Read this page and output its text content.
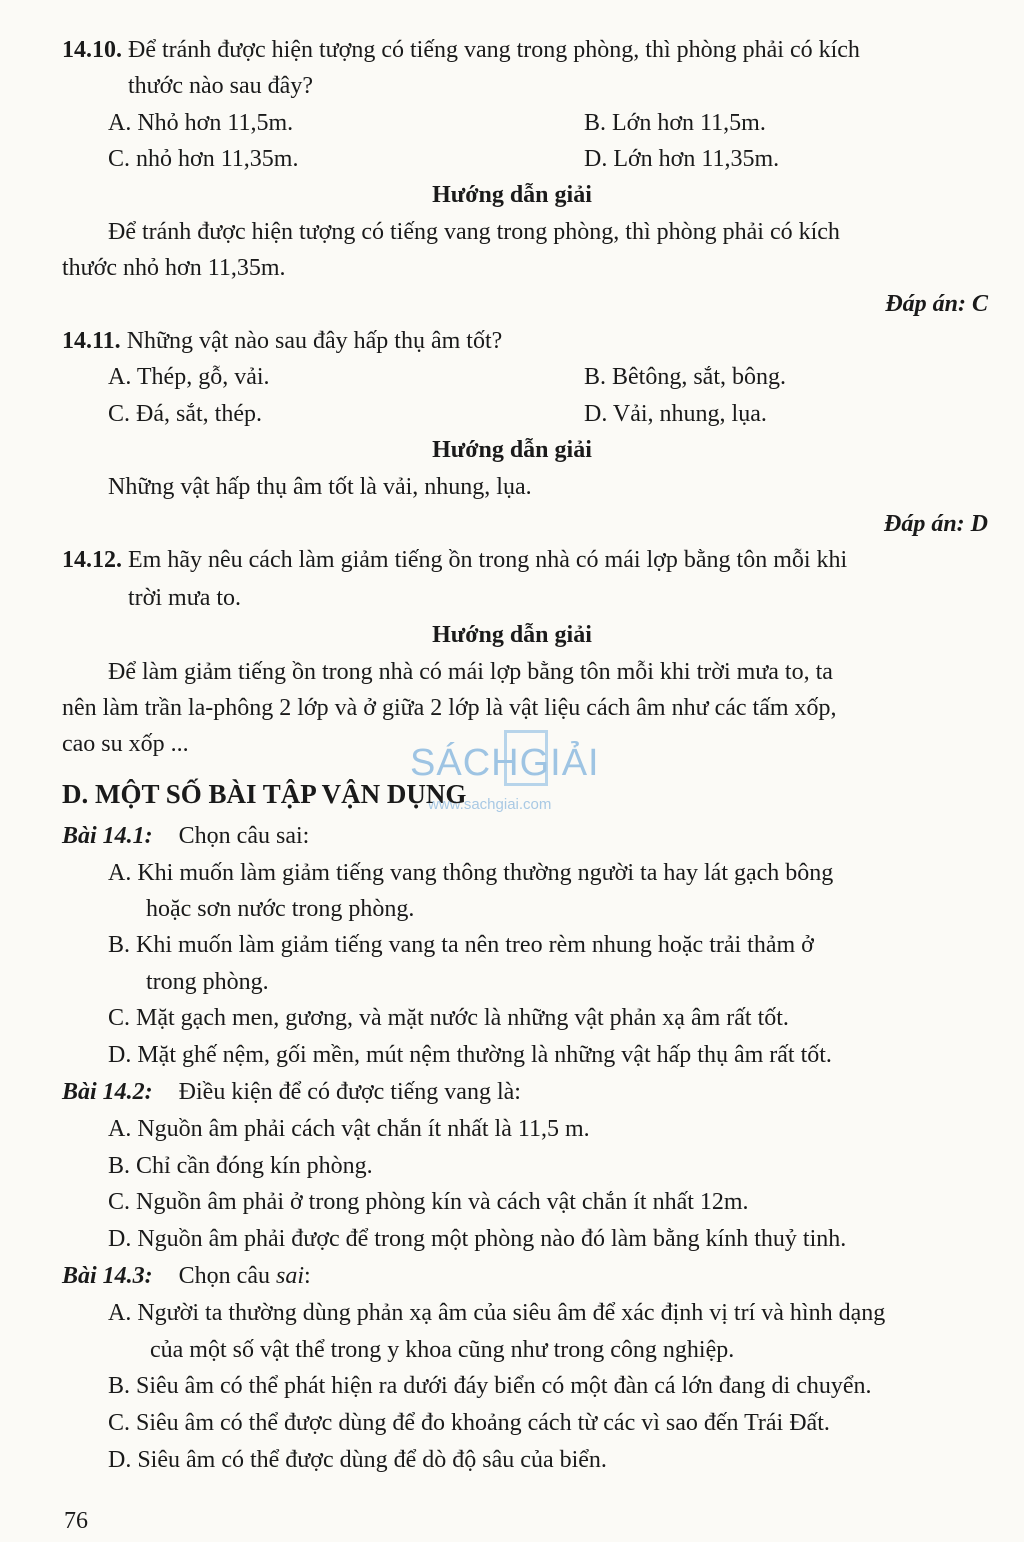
14.10. Để tránh được hiện tượng có tiếng vang trong phòng, thì phòng phải có kích
thước nào sau đây?
A. Nhỏ hơn 11,5m.	B. Lớn hơn 11,5m.
C. nhỏ hơn 11,35m.	D. Lớn hơn 11,35m.
Hướng dẫn giải
Để tránh được hiện tượng có tiếng vang trong phòng, thì phòng phải có kích
thước nhỏ hơn 11,35m.
Đáp án: C
14.11. Những vật nào sau đây hấp thụ âm tốt?
A. Thép, gỗ, vải.	B. Bêtông, sắt, bông.
C. Đá, sắt, thép.	D. Vải, nhung, lụa.
Hướng dẫn giải
Những vật hấp thụ âm tốt là vải, nhung, lụa.
Đáp án: D
14.12. Em hãy nêu cách làm giảm tiếng ồn trong nhà có mái lợp bằng tôn mỗi khi
trời mưa to.
Hướng dẫn giải
Để làm giảm tiếng ồn trong nhà có mái lợp bằng tôn mỗi khi trời mưa to, ta
nên làm trần la-phông 2 lớp và ở giữa 2 lớp là vật liệu cách âm như các tấm xốp,
cao su xốp ...	SÁCHGIẢI
www.sachgiai.com
D. MỘT SỐ BÀI TẬP VẬN DỤNG
Bài 14.1: Chọn câu sai:
A. Khi muốn làm giảm tiếng vang thông thường người ta hay lát gạch bông
hoặc sơn nước trong phòng.
B. Khi muốn làm giảm tiếng vang ta nên treo rèm nhung hoặc trải thảm ở
trong phòng.
C. Mặt gạch men, gương, và mặt nước là những vật phản xạ âm rất tốt.
D. Mặt ghế nệm, gối mền, mút nệm thường là những vật hấp thụ âm rất tốt.
Bài 14.2: Điều kiện để có được tiếng vang là:
A. Nguồn âm phải cách vật chắn ít nhất là 11,5 m.
B. Chỉ cần đóng kín phòng.
C. Nguồn âm phải ở trong phòng kín và cách vật chắn ít nhất 12m.
D. Nguồn âm phải được để trong một phòng nào đó làm bằng kính thuỷ tinh.
Bài 14.3: Chọn câu sai:
A. Người ta thường dùng phản xạ âm của siêu âm để xác định vị trí và hình dạng
của một số vật thể trong y khoa cũng như trong công nghiệp.
B. Siêu âm có thể phát hiện ra dưới đáy biển có một đàn cá lớn đang di chuyển.
C. Siêu âm có thể được dùng để đo khoảng cách từ các vì sao đến Trái Đất.
D. Siêu âm có thể được dùng để dò độ sâu của biển.
76
